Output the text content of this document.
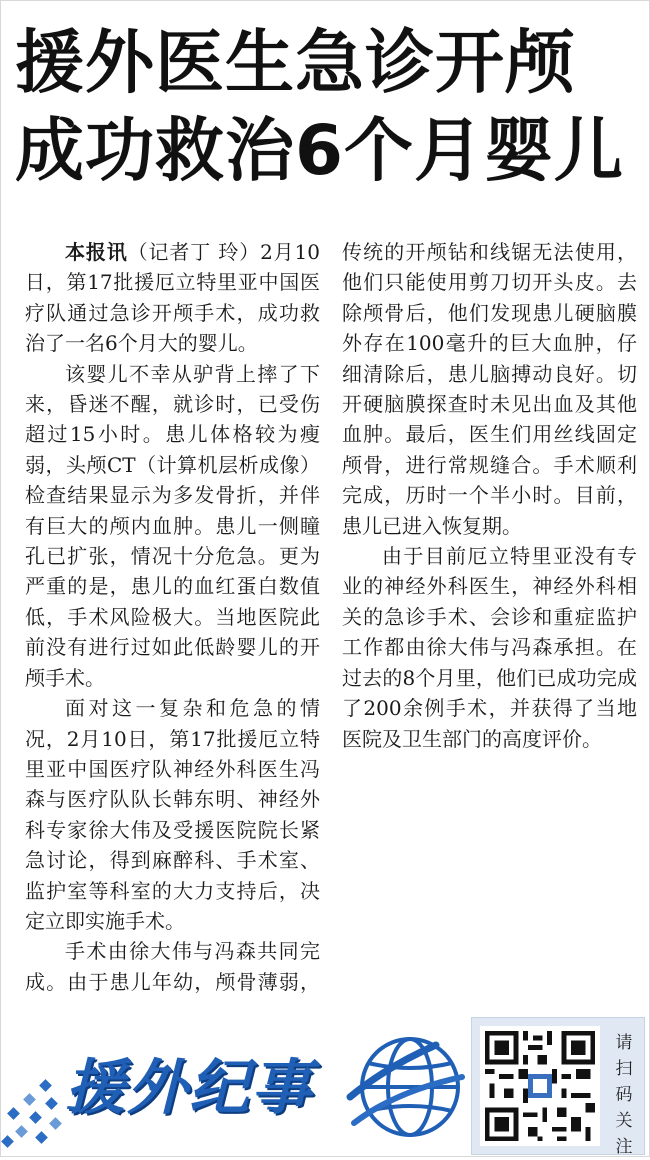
援外医生急诊开颅
成功救治6个月婴儿

本报讯（记者丁 玲）2月10日，第17批援厄立特里亚中国医疗队通过急诊开颅手术，成功救治了一名6个月大的婴儿。

该婴儿不幸从驴背上摔了下来，昏迷不醒，就诊时，已受伤超过15小时。患儿体格较为瘦弱，头颅CT（计算机层析成像）检查结果显示为多发骨折，并伴有巨大的颅内血肿。患儿一侧瞳孔已扩张，情况十分危急。更为严重的是，患儿的血红蛋白数值低，手术风险极大。当地医院此前没有进行过如此低龄婴儿的开颅手术。

面对这一复杂和危急的情况，2月10日，第17批援厄立特里亚中国医疗队神经外科医生冯森与医疗队队长韩东明、神经外科专家徐大伟及受援医院院长紧急讨论，得到麻醉科、手术室、监护室等科室的大力支持后，决定立即实施手术。

手术由徐大伟与冯森共同完成。由于患儿年幼，颅骨薄弱，传统的开颅钻和线锯无法使用，他们只能使用剪刀切开头皮。去除颅骨后，他们发现患儿硬脑膜外存在100毫升的巨大血肿，仔细清除后，患儿脑搏动良好。切开硬脑膜探查时未见出血及其他血肿。最后，医生们用丝线固定颅骨，进行常规缝合。手术顺利完成，历时一个半小时。目前，患儿已进入恢复期。

由于目前厄立特里亚没有专业的神经外科医生，神经外科相关的急诊手术、会诊和重症监护工作都由徐大伟与冯森承担。在过去的8个月里，他们已成功完成了200余例手术，并获得了当地医院及卫生部门的高度评价。

援外纪事
请
扫
码
关
注
